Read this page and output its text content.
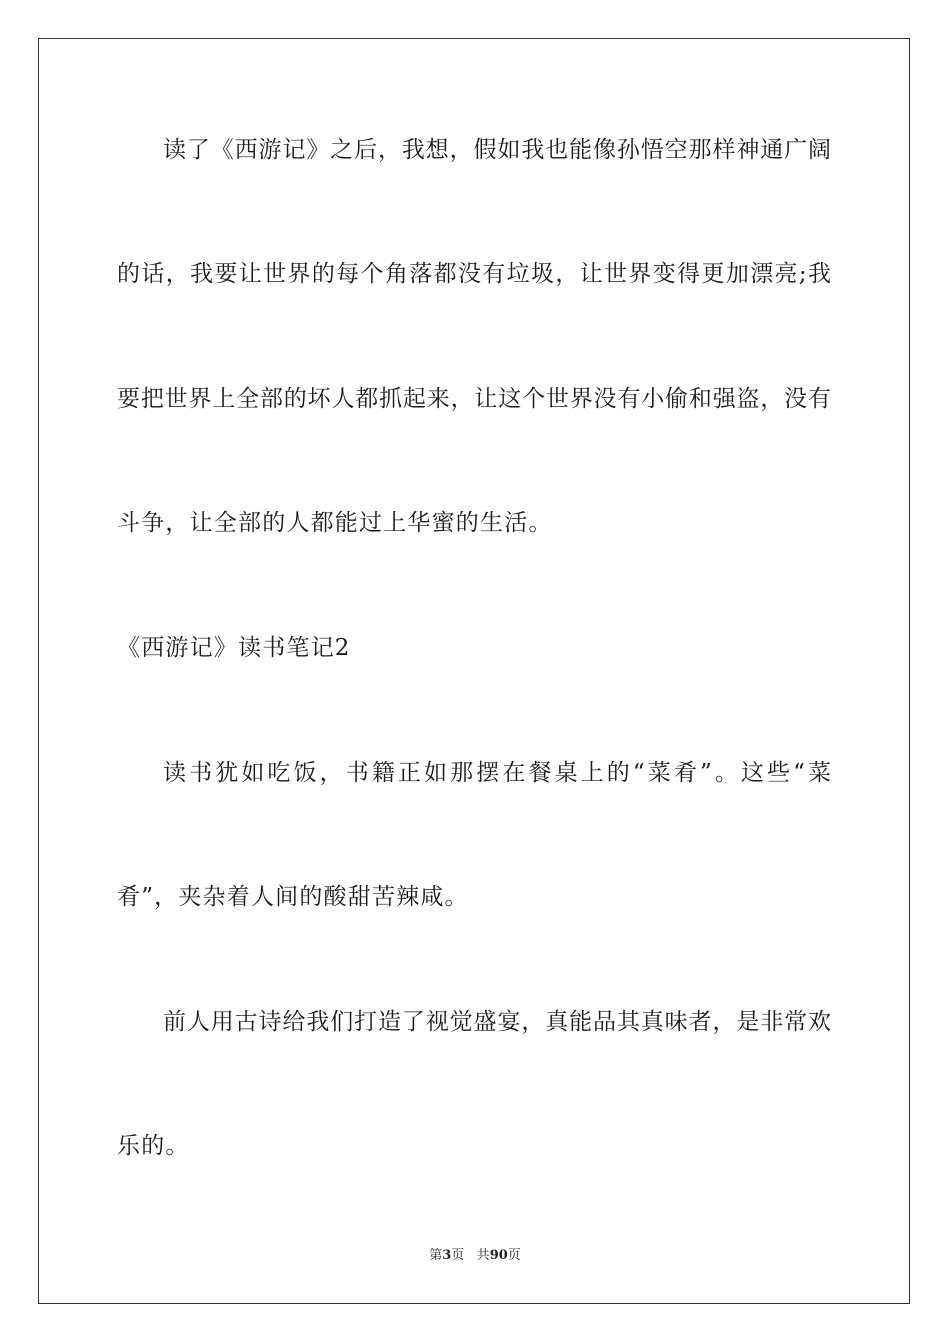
读了《西游记》之后，我想，假如我也能像孙悟空那样神通广阔
的话，我要让世界的每个角落都没有垃圾，让世界变得更加漂亮;我
要把世界上全部的坏人都抓起来，让这个世界没有小偷和强盗，没有
斗争，让全部的人都能过上华蜜的生活。
《西游记》读书笔记2
读书犹如吃饭，书籍正如那摆在餐桌上的“菜肴”。这些“菜
肴”，夹杂着人间的酸甜苦辣咸。
前人用古诗给我们打造了视觉盛宴，真能品其真味者，是非常欢
乐的。
第3页 共90页
